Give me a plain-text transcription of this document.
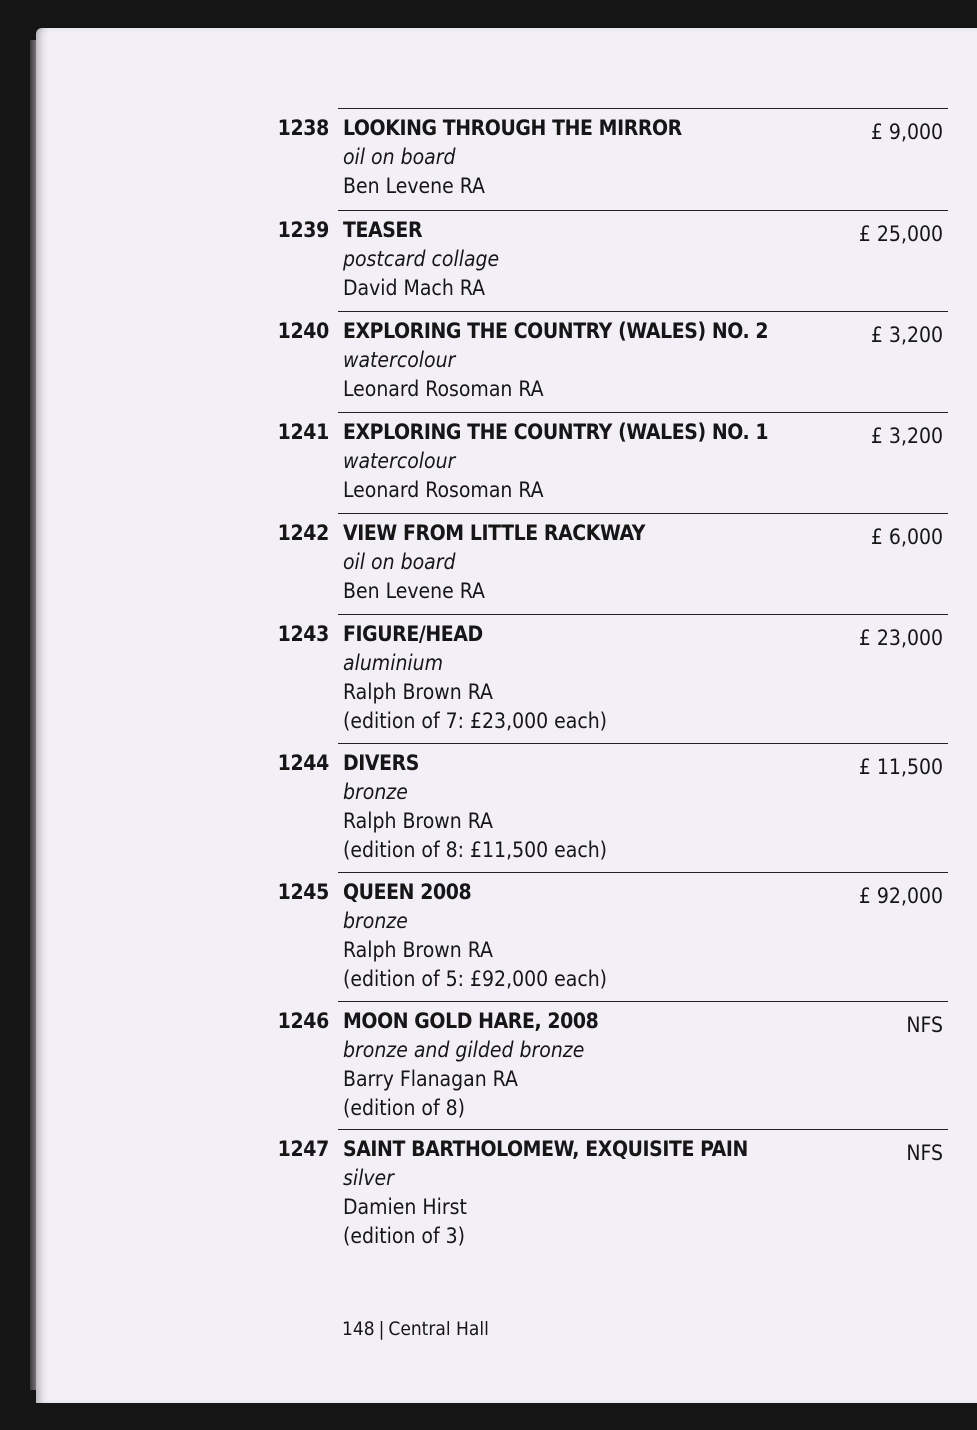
1238 LOOKING THROUGH THE MIRROR
oil on board
Ben Levene RA
£ 9,000
1239 TEASER
postcard collage
David Mach RA
£ 25,000
1240 EXPLORING THE COUNTRY (WALES) NO. 2
watercolour
Leonard Rosoman RA
£ 3,200
1241 EXPLORING THE COUNTRY (WALES) NO. 1
watercolour
Leonard Rosoman RA
£ 3,200
1242 VIEW FROM LITTLE RACKWAY
oil on board
Ben Levene RA
£ 6,000
1243 FIGURE/HEAD
aluminium
Ralph Brown RA
(edition of 7: £23,000 each)
£ 23,000
1244 DIVERS
bronze
Ralph Brown RA
(edition of 8: £11,500 each)
£ 11,500
1245 QUEEN 2008
bronze
Ralph Brown RA
(edition of 5: £92,000 each)
£ 92,000
1246 MOON GOLD HARE, 2008
bronze and gilded bronze
Barry Flanagan RA
(edition of 8)
NFS
1247 SAINT BARTHOLOMEW, EXQUISITE PAIN
silver
Damien Hirst
(edition of 3)
NFS
148 | Central Hall
